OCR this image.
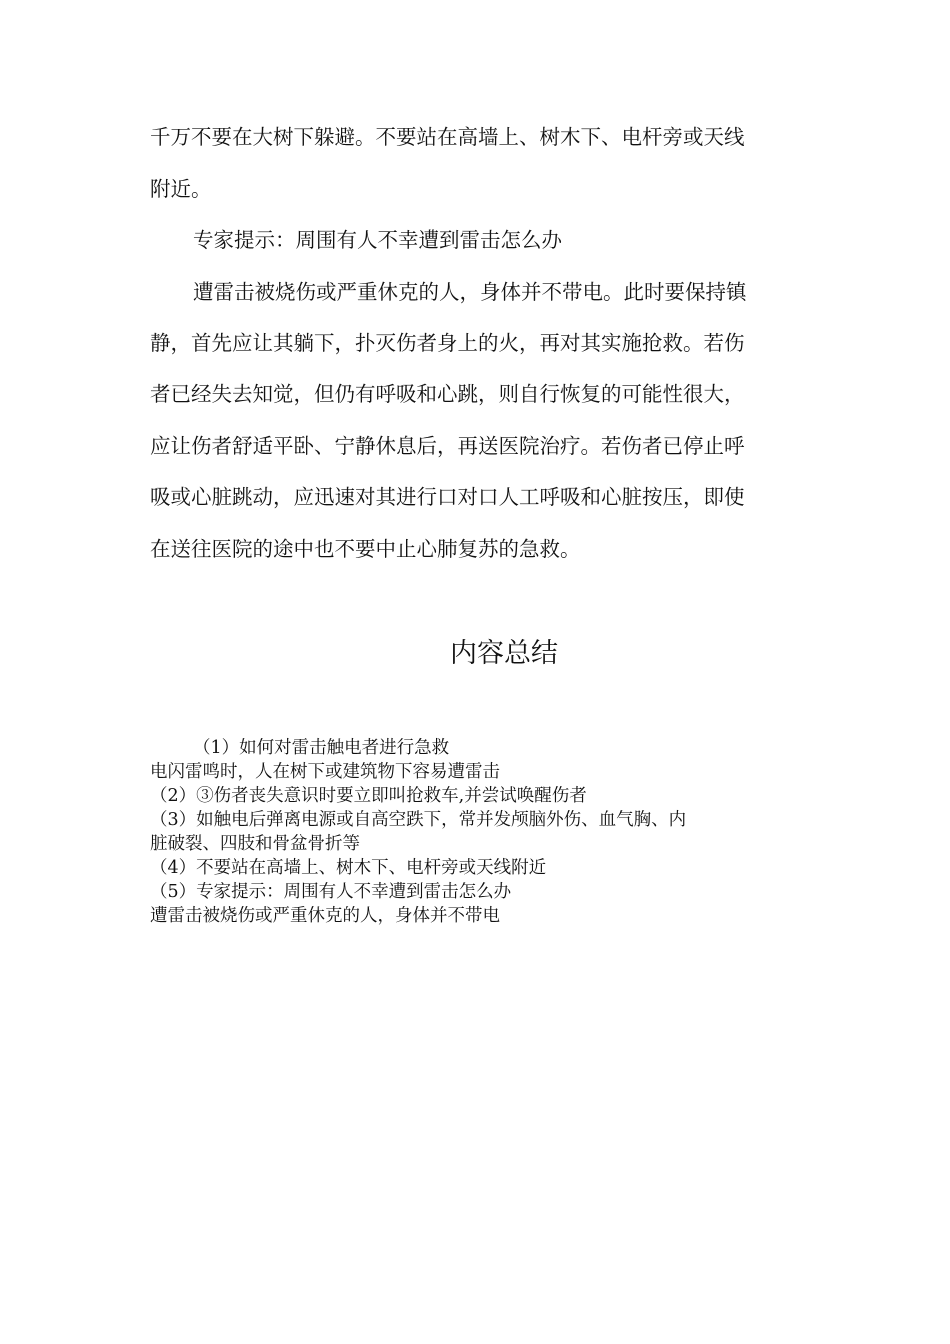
千万不要在大树下躲避。不要站在高墙上、树木下、电杆旁或天线
附近。
专家提示：周围有人不幸遭到雷击怎么办
遭雷击被烧伤或严重休克的人，身体并不带电。此时要保持镇
静，首先应让其躺下，扑灭伤者身上的火，再对其实施抢救。若伤
者已经失去知觉，但仍有呼吸和心跳，则自行恢复的可能性很大，
应让伤者舒适平卧、宁静休息后，再送医院治疗。若伤者已停止呼
吸或心脏跳动，应迅速对其进行口对口人工呼吸和心脏按压，即使
在送往医院的途中也不要中止心肺复苏的急救。
内容总结
（1）如何对雷击触电者进行急救
电闪雷鸣时，人在树下或建筑物下容易遭雷击
（2）③伤者丧失意识时要立即叫抢救车,并尝试唤醒伤者
（3）如触电后弹离电源或自高空跌下，常并发颅脑外伤、血气胸、内
脏破裂、四肢和骨盆骨折等
（4）不要站在高墙上、树木下、电杆旁或天线附近
（5）专家提示：周围有人不幸遭到雷击怎么办
遭雷击被烧伤或严重休克的人，身体并不带电
